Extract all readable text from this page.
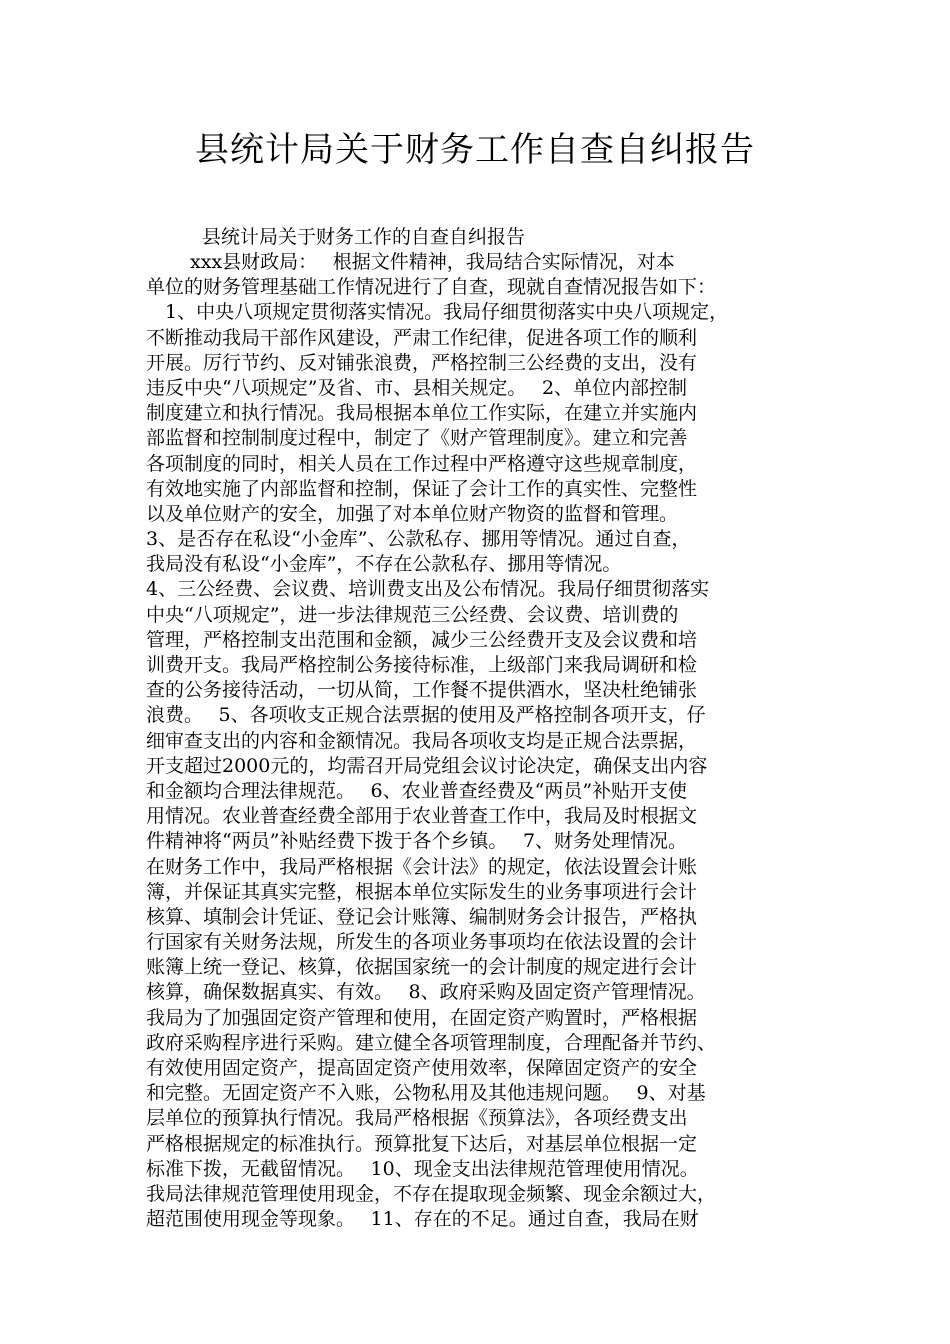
县统计局关于财务工作自查自纠报告
县统计局关于财务工作的自查自纠报告
　　 xxx县财政局：　 根据文件精神，我局结合实际情况，对本
单位的财务管理基础工作情况进行了自查，现就自查情况报告如下：
　1、中央八项规定贯彻落实情况。我局仔细贯彻落实中央八项规定，
不断推动我局干部作风建设，严肃工作纪律，促进各项工作的顺利
开展。厉行节约、反对铺张浪费，严格控制三公经费的支出，没有
违反中央“八项规定”及省、市、县相关规定。　 2、单位内部控制
制度建立和执行情况。我局根据本单位工作实际，在建立并实施内
部监督和控制制度过程中，制定了《财产管理制度》。建立和完善
各项制度的同时，相关人员在工作过程中严格遵守这些规章制度，
有效地实施了内部监督和控制，保证了会计工作的真实性、完整性
以及单位财产的安全，加强了对本单位财产物资的监督和管理。
3、是否存在私设“小金库”、公款私存、挪用等情况。通过自查，
我局没有私设“小金库”，不存在公款私存、挪用等情况。
4、三公经费、会议费、培训费支出及公布情况。我局仔细贯彻落实
中央“八项规定”，进一步法律规范三公经费、会议费、培训费的
管理，严格控制支出范围和金额，减少三公经费开支及会议费和培
训费开支。我局严格控制公务接待标准，上级部门来我局调研和检
查的公务接待活动，一切从简，工作餐不提供酒水，坚决杜绝铺张
浪费。　 5、各项收支正规合法票据的使用及严格控制各项开支，仔
细审查支出的内容和金额情况。我局各项收支均是正规合法票据，
开支超过2000元的，均需召开局党组会议讨论决定，确保支出内容
和金额均合理法律规范。　 6、农业普查经费及“两员”补贴开支使
用情况。农业普查经费全部用于农业普查工作中，我局及时根据文
件精神将“两员”补贴经费下拨于各个乡镇。　 7、财务处理情况。
在财务工作中，我局严格根据《会计法》的规定，依法设置会计账
簿，并保证其真实完整，根据本单位实际发生的业务事项进行会计
核算、填制会计凭证、登记会计账簿、编制财务会计报告，严格执
行国家有关财务法规，所发生的各项业务事项均在依法设置的会计
账簿上统一登记、核算，依据国家统一的会计制度的规定进行会计
核算，确保数据真实、有效。　 8、政府采购及固定资产管理情况。
我局为了加强固定资产管理和使用，在固定资产购置时，严格根据
政府采购程序进行采购。建立健全各项管理制度，合理配备并节约、
有效使用固定资产，提高固定资产使用效率，保障固定资产的安全
和完整。无固定资产不入账，公物私用及其他违规问题。　 9、对基
层单位的预算执行情况。我局严格根据《预算法》，各项经费支出
严格根据规定的标准执行。预算批复下达后，对基层单位根据一定
标准下拨，无截留情况。　 10、现金支出法律规范管理使用情况。
我局法律规范管理使用现金，不存在提取现金频繁、现金余额过大，
超范围使用现金等现象。　 11、存在的不足。通过自查，我局在财
